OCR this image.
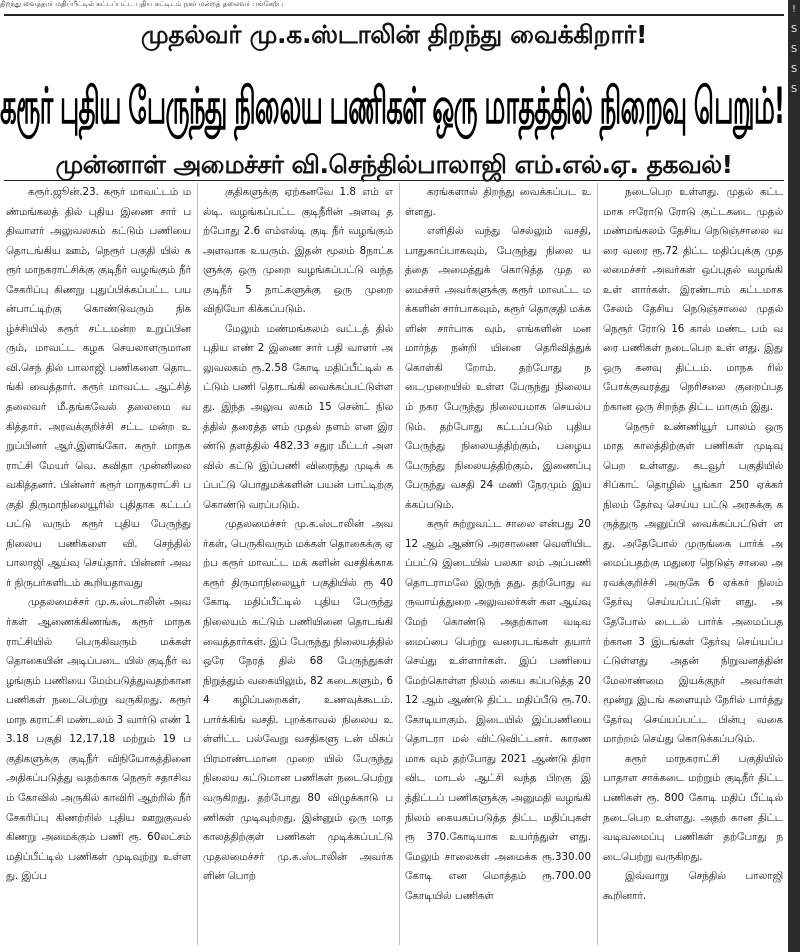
திறந்து வைத்தார் மதிப்பீட்டில் கட்டப்பட்ட புதிய கட்டிடம் நகர் மன்றத் தலைவர் பங்கேற்பு	!
S
S
S
S
முதல்வர் மு.க.ஸ்டாலின் திறந்து வைக்கிறார்!
கரூர் புதிய பேருந்து நிலைய பணிகள் ஒரு மாதத்தில் நிறைவு பெறும்!
முன்னாள் அமைச்சர் வி.செந்தில்பாலாஜி எம்.எல்.ஏ. தகவல்!

கரூர்.ஜூன்.23. கரூர் மாவட்டம் மண்மங்கலத் தில் புதிய இணை சார் பதிவாளர் அலுவலகம் கட்டும் பணியை தொடங்கிய ஊம், நெரூர் பகுதி யில் கரூர் மாநகராட்சிக்கு குடிநீர் வழங்கும் நீர் சேகரிப்பு கிணறு புதுப்பிக்கப்பட்ட பயன்பாட்டிற்கு கொண்டுவரும் நிகழ்ச்சியில் கரூர் சட்டமன்ற உறுப்பினரும், மாவட்ட கழக செயலாளருமான வி.செந் தில் பாலாஜி பணிகளை தொடங்கி வைத்தார். கரூர் மாவட்ட ஆட்சித் தலைவர் மீ.தங்கவேல் தலைமை வகித்தார். அரவக்குறிச்சி சட்ட மன்ற உறுப்பினர் ஆர்.இளங்கோ. கரூர் மாநகராட்சி மேயர் வெ. கவிதா முன்னிலை வகித்தனர். பின்னர் கரூர் மாநகராட்சி பகுதி திருமாநிலையூரில் புதிதாக கட்டப் பட்டு வரும் கரூர் புதிய பேருந்து நிலைய பணிகளை வி. செந்தில் பாலாஜி ஆய்வு செய்தார். பின்னர் அவர் நிருபர்களிடம் கூறியதாவது

முதலமைச்சர் மு.க.ஸ்டாலின் அவர்கள் ஆணைக்கிணங்க, கரூர் மாநகராட்சியில் பெருகிவரும் மக்கள் தொகையின் அடிப்படை யில் குடிநீர் வழங்கும் பணியை மேம்படுத்துவதற்கான பணிகள் நடைபெற்று வருகிறது. கரூர் மாந கராட்சி மண்டலம் 3 வார்டு எண் 13.18 பகுதி 12,17,18 மற்றும் 19 பகுதிகளுக்கு குடிநீர் விநியோகத்தினை அதிகப்படுத்து வதற்காக நெரூர் சதாசிவம் கோவில் அருகில் காவிரி ஆற்றில் நீர் சேகரிப்பு கிணற்றில் புதிய ஊறுகுவல் கிணறு அமைக்கும் பணி ரூ. 60லட்சம் மதிப்பீட்டில் பணிகள் முடிவுற்று உள்ளது. இப்ப

குதிகளுக்கு ஏற்கனவே 1.8 எம் எல்டி. வழங்கப்பட்ட குடிநீரின் அளவு தற்போது 2.6 எம்எல்டி குடி நீர் வழங்கும் அளவாக உயரும். இதன் மூலம் 8நாட்களுக்கு ஒரு முறை வழங்கப்பட்டு வந்த குடிநீர் 5 நாட்களுக்கு ஒரு முறை விநியோ கிக்கப்படும்.

மேலும் மண்மங்கலம் வட்டத் தில் புதிய எண் 2 இணை சார் பதி வாளர் அலுவலகம் ரூ.2.58 கோடி மதிப்பீட்டில் கட்டும் பணி தொடங்கி வைக்கப்பட்டுள்ளது. இந்த அலுவ லகம் 15 சென்ட் நிலத்தில் தரைத்த ளம் முதல் தளம் என இரண்டு தளத்தில் 482.33 சதுர மீட்டர் அள வில் கட்டு இப்பணி விரைந்து முடிக் கப்பட்டு பொதுமக்களின் பயன் பாட்டிற்கு கொண்டு வரப்படும்.

முதலமைச்சர் மு.க.ஸ்டாலின் அவர்கள், பெருகிவரும் மக்கள் தொகைக்கு ஏற்ப கரூர் மாவட்ட மக் களின் வசதிக்காக கரூர் திருமாநிலையூர் பகுதியில் ரூ 40 கோடி மதிப்பீட்டில் புதிய பேருந்து நிலையம் கட்டும் பணியினை தொடங்கி வைத்தார்கள். இப் பேருந்து நிலையத்தில் ஒரே நேரத் தில் 68 பேருந்துகள் நிறுத்தும் வகையிலும், 82 கடைகளும், 64 கழிப்பறைகள், உணவுக்கூடம். பார்க்கிங் வசதி. புறக்காவல் நிலைய உள்ளிட்ட பல்வேறு வசதிகளு டன் மிகப் பிரமாண்டமான முறை யில் பேருந்து நிலைய கட்டுமான பணிகள் நடைபெற்று வருகிறது. தற்போது 80 விழுக்காடு பணிகள் முடிவுற்றது. இன்னும் ஒரு மாத காலத்திற்குள் பணிகள் முடிக்கப்பட்டு முதலமைச்சர் மு.க.ஸ்டாலின் அவர்களின் பொற்

கரங்களால் திறந்து வைக்கப்பட உள்ளது.

எளிதில் வந்து செல்லும் வசதி, பாதுகாப்பாகவும், பேருந்து நிலை யத்தை அமைத்துக் கொடுத்த முத லமைச்சர் அவர்களுக்கு கரூர் மாவட்ட மக்களின் சார்பாகவும், கரூர் தொகுதி மக்களின் சார்பாக வும், எங்களின் மனமார்ந்த நன்றி யினை தெரிவித்துக் கொள்கி றோம். தற்போது நடைமுறையில் உள்ள பேருந்து நிலையம் நகர பேருந்து நிலையமாக செயல்ப டும். தற்போது கட்டப்படும் புதிய பேருந்து நிலையத்திற்கும், பழைய பேருந்து நிலையத்திற்கும், இணைப்பு பேருந்து வசதி 24 மணி நேரமும் இயக்கப்படும்.

கரூர் சுற்றுவட்ட சாலை என்பது 2012 ஆம் ஆண்டு அரசாணை வெளியிடப்பட்டு இடையில் பலகா லம் அப்பணி தொடராமலே இருந் தது. தற்போது வருவாய்த்துறை அலுவலர்கள் கள ஆய்வு மேற் கொண்டு அதற்கான வடிவ மைப்பை பெற்று வரைபடங்கள் தயார் செய்து உள்ளார்கள். இப் பணியை மேற்கொள்ள நிலம் கைய கப்படுத்த 2012 ஆம் ஆண்டு திட்ட மதிப்பீடு ரூ.70.கோடியாகும். இடையில் இப்பணியை தொடரா மல் விட்டுவிட்டனர். காரணமாக வும் தற்போது 2021 ஆண்டு திரா விட மாடல் ஆட்சி வந்த பிறகு இத்திட்டப் பணிகளுக்கு அனுமதி வழங்கி நிலம் கையகப்படுத்த திட்ட மதிப்புகள் ரூ 370.கோடியாக உயர்ந்துள் ளது. மேலும் சாலைகள் அமைக்க ரூ.330.00 கோடி என மொத்தம் ரூ.700.00 கோடியில் பணிகள்

நடைபெற உள்ளது. முதல் கட்ட மாக ஈரோடு ரோடு குட்டகடை முதல் மண்மங்கலம் தேசிய நெடுஞ்சாலை வரை வரை ரூ.72 திட்ட மதிப்புக்கு முதலமைச்சர் அவர்கள் ஒப்புதல் வழங்கி உள் ளார்கள். இரண்டாம் கட்டமாக சேலம் தேசிய நெடுஞ்சாலை முதல் நெரூர் ரோடு 16 கால் மண்ட பம் வரை பணிகள் நடைபெற உள் ளது. இது ஒரு கனவு திட்டம். மாநக ரில் போக்குவரத்து நெரிசலை குறைப்பதற்கான ஒரு சிறந்த திட்ட மாகும் இது.

நெரூர் உண்ணியூர் பாலம் ஒரு மாத காலத்திற்குள் பணிகள் முடிவு பெற உள்ளது. கடவூர் பகுதியில் சிப்காட் தொழில் பூங்கா 250 ஏக்கர் நிலம் தேர்வு செய்ய பட்டு அரசுக்கு கருத்துரு அனுப்பி வைக்கப்பட்டுள் ளது. அதேபோல் முருங்கை பார்க் அமைப்பதற்கு மதுரை நெடுஞ் சாலை அரவக்குறிச்சி அருகே 6 ஏக்கர் நிலம் தேர்வு செய்யப்பட்டுள் ளது. அதேபோல் டைடல் பார்க் அமைப்பதற்கான 3 இடங்கள் தேர்வு செய்யப்பட்டுள்ளது அதன் நிறுவனத்தின் மேலாண்மை இயக்குநர் அவர்கள் மூன்று இடங் களையும் நேரில் பார்த்து தேர்வு செய்யப்பட்ட பின்பு வகை மாற்றம் செய்து கொடுக்கப்படும்.

கரூர் மாநகராட்சி பகுதியில் பாதாள சாக்கடை மற்றும் குடிநீர் திட்ட பணிகள் ரூ. 800 கோடி மதிப் பீட்டில் நடைபெற உள்ளது. அதற் கான திட்ட வடிவமைப்பு பணிகள் தற்போது நடைபெற்று வருகிறது.

இவ்வாறு செந்தில் பாலாஜி கூறினார்.
